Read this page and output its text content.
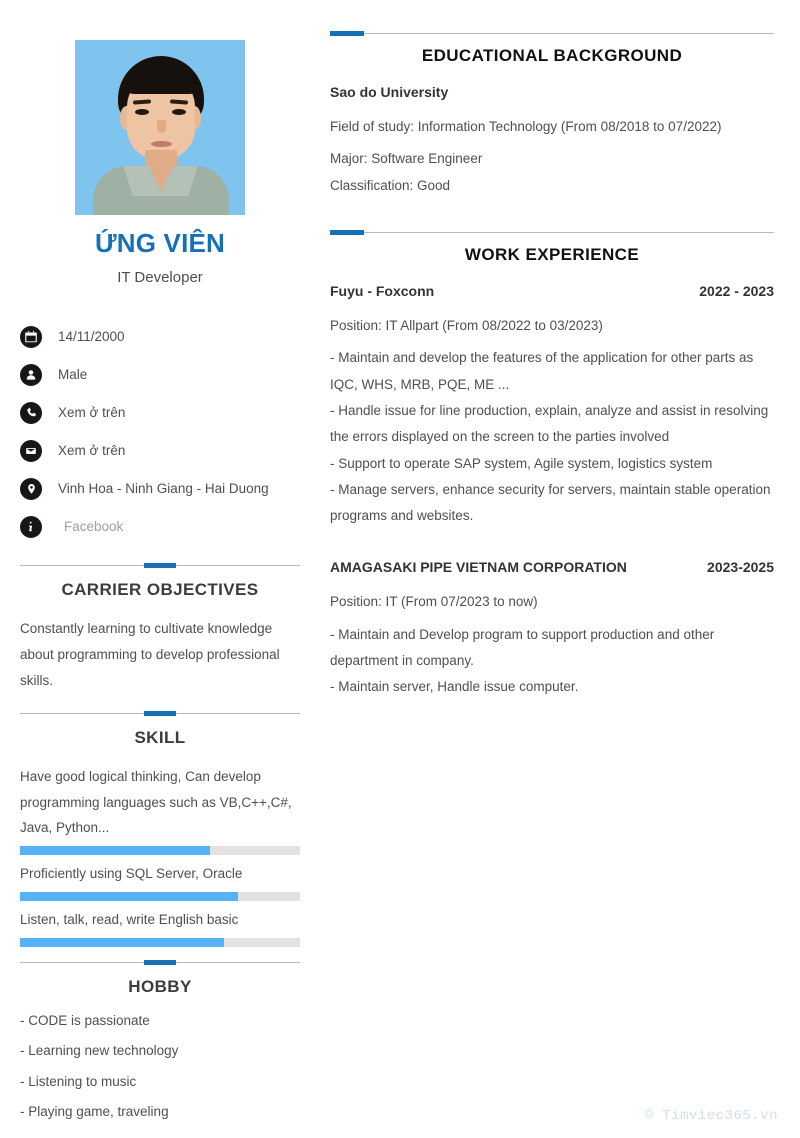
ỨNG VIÊN
IT Developer
14/11/2000
Male
Xem ở trên
Xem ở trên
Vinh Hoa - Ninh Giang - Hai Duong
Facebook
CARRIER OBJECTIVES

Constantly learning to cultivate knowledge about programming to develop professional skills.

SKILL
Have good logical thinking, Can develop programming languages such as VB,C++,C#, Java, Python...
Proficiently using SQL Server, Oracle
Listen, talk, read, write English basic
HOBBY
- CODE is passionate
- Learning new technology
- Listening to music
- Playing game, traveling
EDUCATIONAL BACKGROUND
Sao do University

Field of study: Information Technology (From 08/2018 to 07/2022)

Major: Software Engineer

Classification: Good

WORK EXPERIENCE
Fuyu - Foxconn	2022 - 2023

Position: IT Allpart (From 08/2022 to 03/2023)

- Maintain and develop the features of the application for other parts as IQC, WHS, MRB, PQE, ME ...
- Handle issue for line production, explain, analyze and assist in resolving the errors displayed on the screen to the parties involved
- Support to operate SAP system, Agile system, logistics system
- Manage servers, enhance security for servers, maintain stable operation programs and websites.
AMAGASAKI PIPE VIETNAM CORPORATION	2023-2025

Position: IT (From 07/2023 to now)

- Maintain and Develop program to support production and other department in company.
- Maintain server, Handle issue computer.
© Timviec365.vn
